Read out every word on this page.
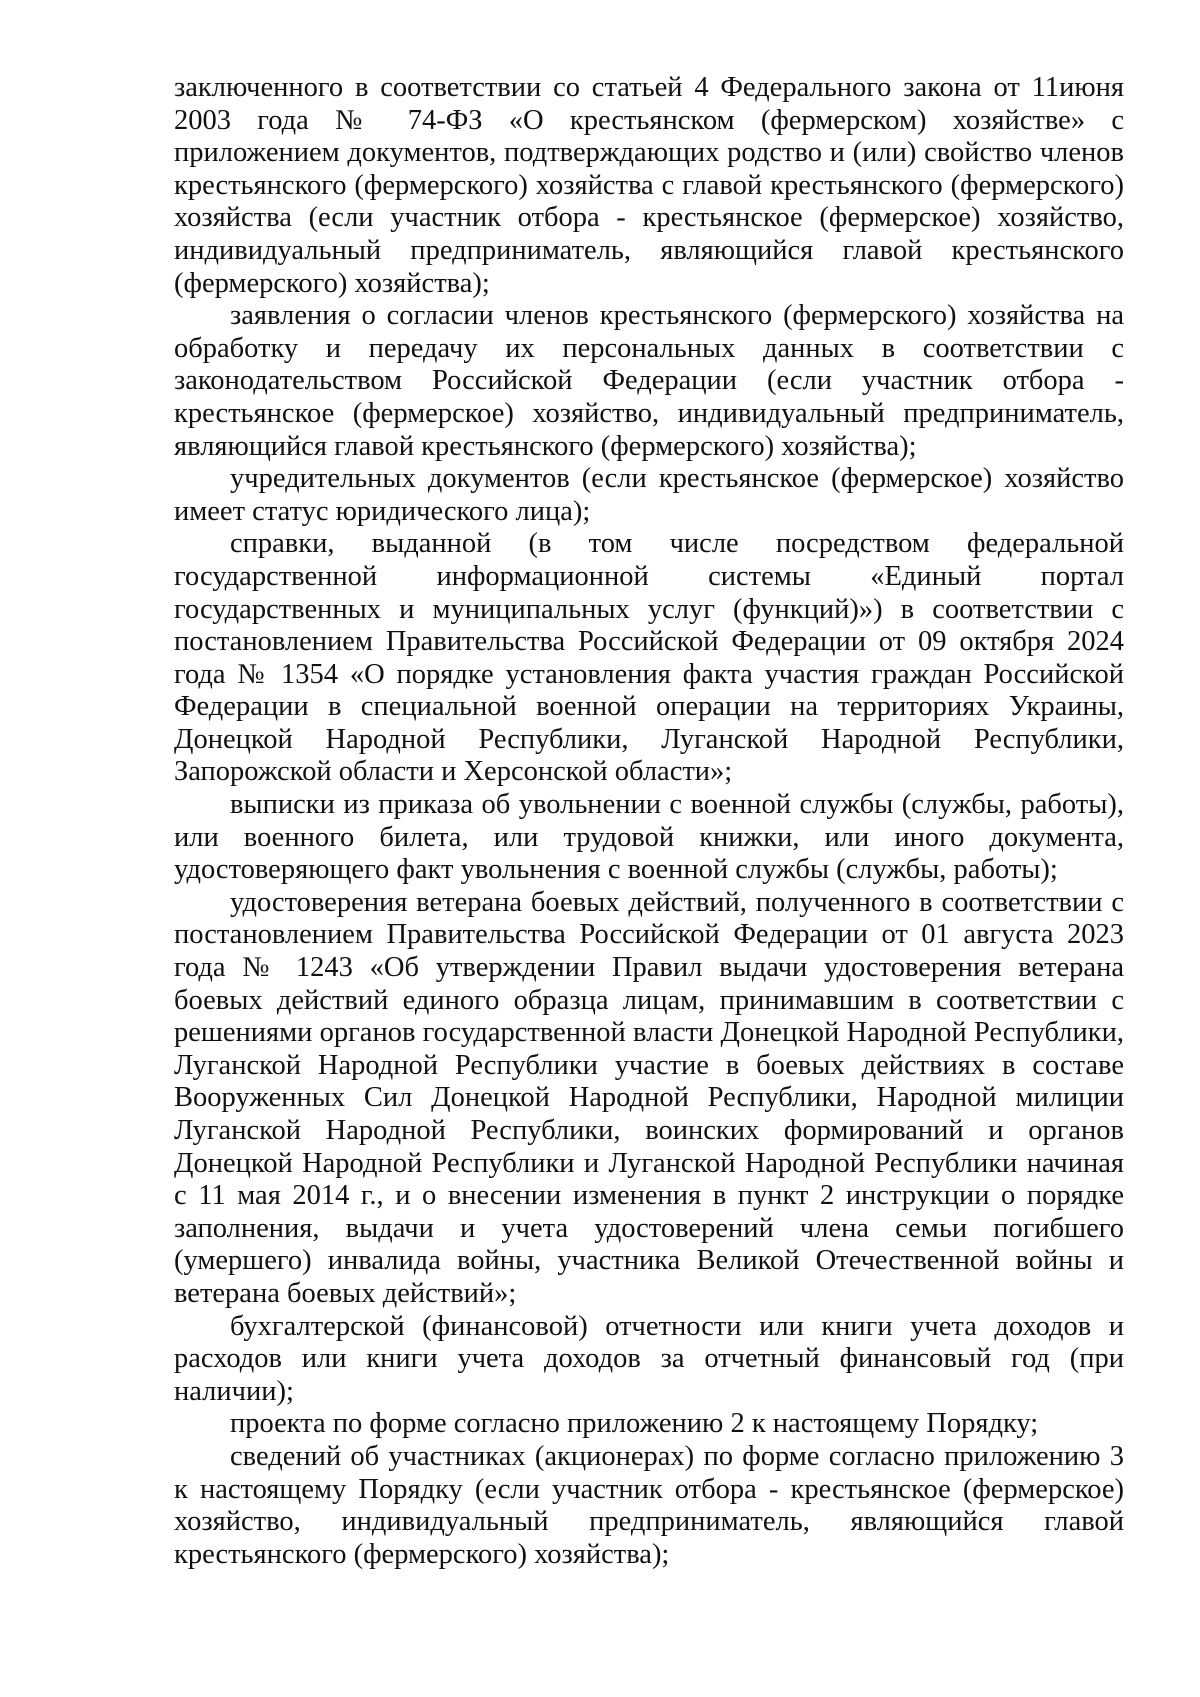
заключенного в соответствии со статьей 4 Федерального закона от 11июня 2003 года № 74-ФЗ «О крестьянском (фермерском) хозяйстве» с приложением документов, подтверждающих родство и (или) свойство членов крестьянского (фермерского) хозяйства с главой крестьянского (фермерского) хозяйства (если участник отбора - крестьянское (фермерское) хозяйство, индивидуальный предприниматель, являющийся главой крестьянского (фермерского) хозяйства);

заявления о согласии членов крестьянского (фермерского) хозяйства на обработку и передачу их персональных данных в соответствии с законодательством Российской Федерации (если участник отбора - крестьянское (фермерское) хозяйство, индивидуальный предприниматель, являющийся главой крестьянского (фермерского) хозяйства);

учредительных документов (если крестьянское (фермерское) хозяйство имеет статус юридического лица);

справки, выданной (в том числе посредством федеральной государственной информационной системы «Единый портал государственных и муниципальных услуг (функций)») в соответствии с постановлением Правительства Российской Федерации от 09 октября 2024 года № 1354 «О порядке установления факта участия граждан Российской Федерации в специальной военной операции на территориях Украины, Донецкой Народной Республики, Луганской Народной Республики, Запорожской области и Херсонской области»;

выписки из приказа об увольнении с военной службы (службы, работы), или военного билета, или трудовой книжки, или иного документа, удостоверяющего факт увольнения с военной службы (службы, работы);

удостоверения ветерана боевых действий, полученного в соответствии с постановлением Правительства Российской Федерации от 01 августа 2023 года № 1243 «Об утверждении Правил выдачи удостоверения ветерана боевых действий единого образца лицам, принимавшим в соответствии с решениями органов государственной власти Донецкой Народной Республики, Луганской Народной Республики участие в боевых действиях в составе Вооруженных Сил Донецкой Народной Республики, Народной милиции Луганской Народной Республики, воинских формирований и органов Донецкой Народной Республики и Луганской Народной Республики начиная с 11 мая 2014 г., и о внесении изменения в пункт 2 инструкции о порядке заполнения, выдачи и учета удостоверений члена семьи погибшего (умершего) инвалида войны, участника Великой Отечественной войны и ветерана боевых действий»;

бухгалтерской (финансовой) отчетности или книги учета доходов и расходов или книги учета доходов за отчетный финансовый год (при наличии);

проекта по форме согласно приложению 2 к настоящему Порядку;

сведений об участниках (акционерах) по форме согласно приложению 3 к настоящему Порядку (если участник отбора - крестьянское (фермерское) хозяйство, индивидуальный предприниматель, являющийся главой крестьянского (фермерского) хозяйства);
